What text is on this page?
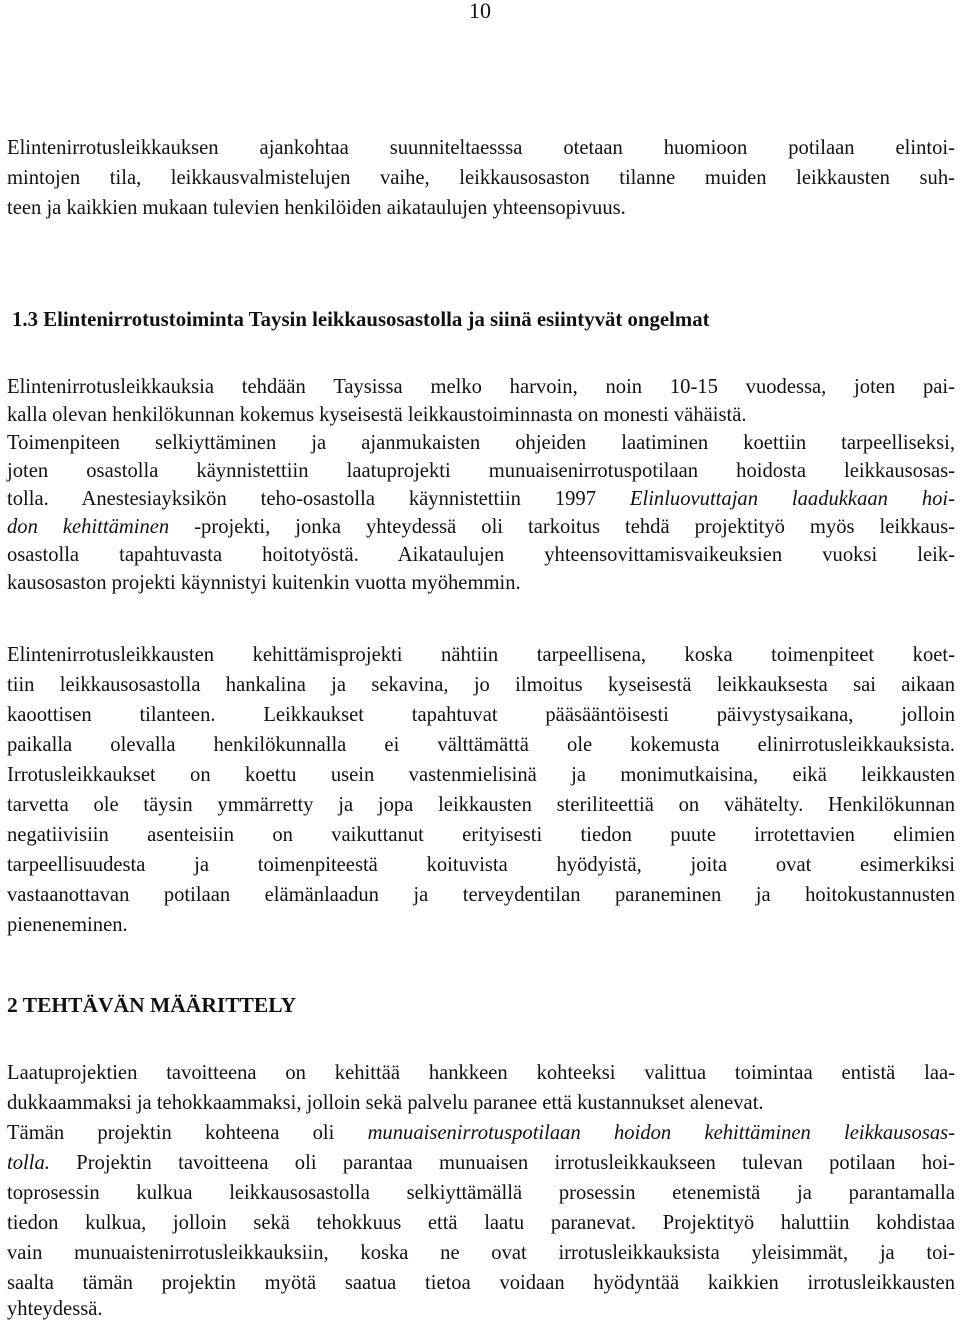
10
Elintenirrotusleikkauksen ajankohtaa suunniteltaesssa otetaan huomioon potilaan elintoi-
mintojen tila, leikkausvalmistelujen vaihe, leikkausosaston tilanne muiden leikkausten suh-
teen ja kaikkien mukaan tulevien henkilöiden aikataulujen yhteensopivuus.
1.3 Elintenirrotustoiminta Taysin leikkausosastolla ja siinä esiintyvät ongelmat
Elintenirrotusleikkauksia tehdään Taysissa melko harvoin, noin 10-15 vuodessa, joten pai-
kalla olevan henkilökunnan kokemus kyseisestä leikkaustoiminnasta on monesti vähäistä.
Toimenpiteen selkiyttäminen ja ajanmukaisten ohjeiden laatiminen koettiin tarpeelliseksi,
joten osastolla käynnistettiin laatuprojekti munuaisenirrotuspotilaan hoidosta leikkausosas-
tolla. Anestesiayksikön teho-osastolla käynnistettiin 1997 Elinluovuttajan laadukkaan hoi-
don kehittäminen -projekti, jonka yhteydessä oli tarkoitus tehdä projektityö myös leikkaus-
osastolla tapahtuvasta hoitotyöstä. Aikataulujen yhteensovittamisvaikeuksien vuoksi leik-
kausosaston projekti käynnistyi kuitenkin vuotta myöhemmin.
Elintenirrotusleikkausten kehittämisprojekti nähtiin tarpeellisena, koska toimenpiteet koet-
tiin leikkausosastolla hankalina ja sekavina, jo ilmoitus kyseisestä leikkauksesta sai aikaan
kaoottisen tilanteen. Leikkaukset tapahtuvat pääsääntöisesti päivystysaikana, jolloin
paikalla olevalla henkilökunnalla ei välttämättä ole kokemusta elinirrotusleikkauksista.
Irrotusleikkaukset on koettu usein vastenmielisinä ja monimutkaisina, eikä leikkausten
tarvetta ole täysin ymmärretty ja jopa leikkausten steriliteettiä on vähätelty. Henkilökunnan
negatiivisiin asenteisiin on vaikuttanut erityisesti tiedon puute irrotettavien elimien
tarpeellisuudesta ja toimenpiteestä koituvista hyödyistä, joita ovat esimerkiksi
vastaanottavan potilaan elämänlaadun ja terveydentilan paraneminen ja hoitokustannusten
pieneneminen.
2 TEHTÄVÄN MÄÄRITTELY
Laatuprojektien tavoitteena on kehittää hankkeen kohteeksi valittua toimintaa entistä laa-
dukkaammaksi ja tehokkaammaksi, jolloin sekä palvelu paranee että kustannukset alenevat.
Tämän projektin kohteena oli munuaisenirrotuspotilaan hoidon kehittäminen leikkausosas-
tolla. Projektin tavoitteena oli parantaa munuaisen irrotusleikkaukseen tulevan potilaan hoi-
toprosessin kulkua leikkausosastolla selkiyttämällä prosessin etenemistä ja parantamalla
tiedon kulkua, jolloin sekä tehokkuus että laatu paranevat. Projektityö haluttiin kohdistaa
vain munuaistenirrotusleikkauksiin, koska ne ovat irrotusleikkauksista yleisimmät, ja toi-
saalta tämän projektin myötä saatua tietoa voidaan hyödyntää kaikkien irrotusleikkausten
yhteydessä.
